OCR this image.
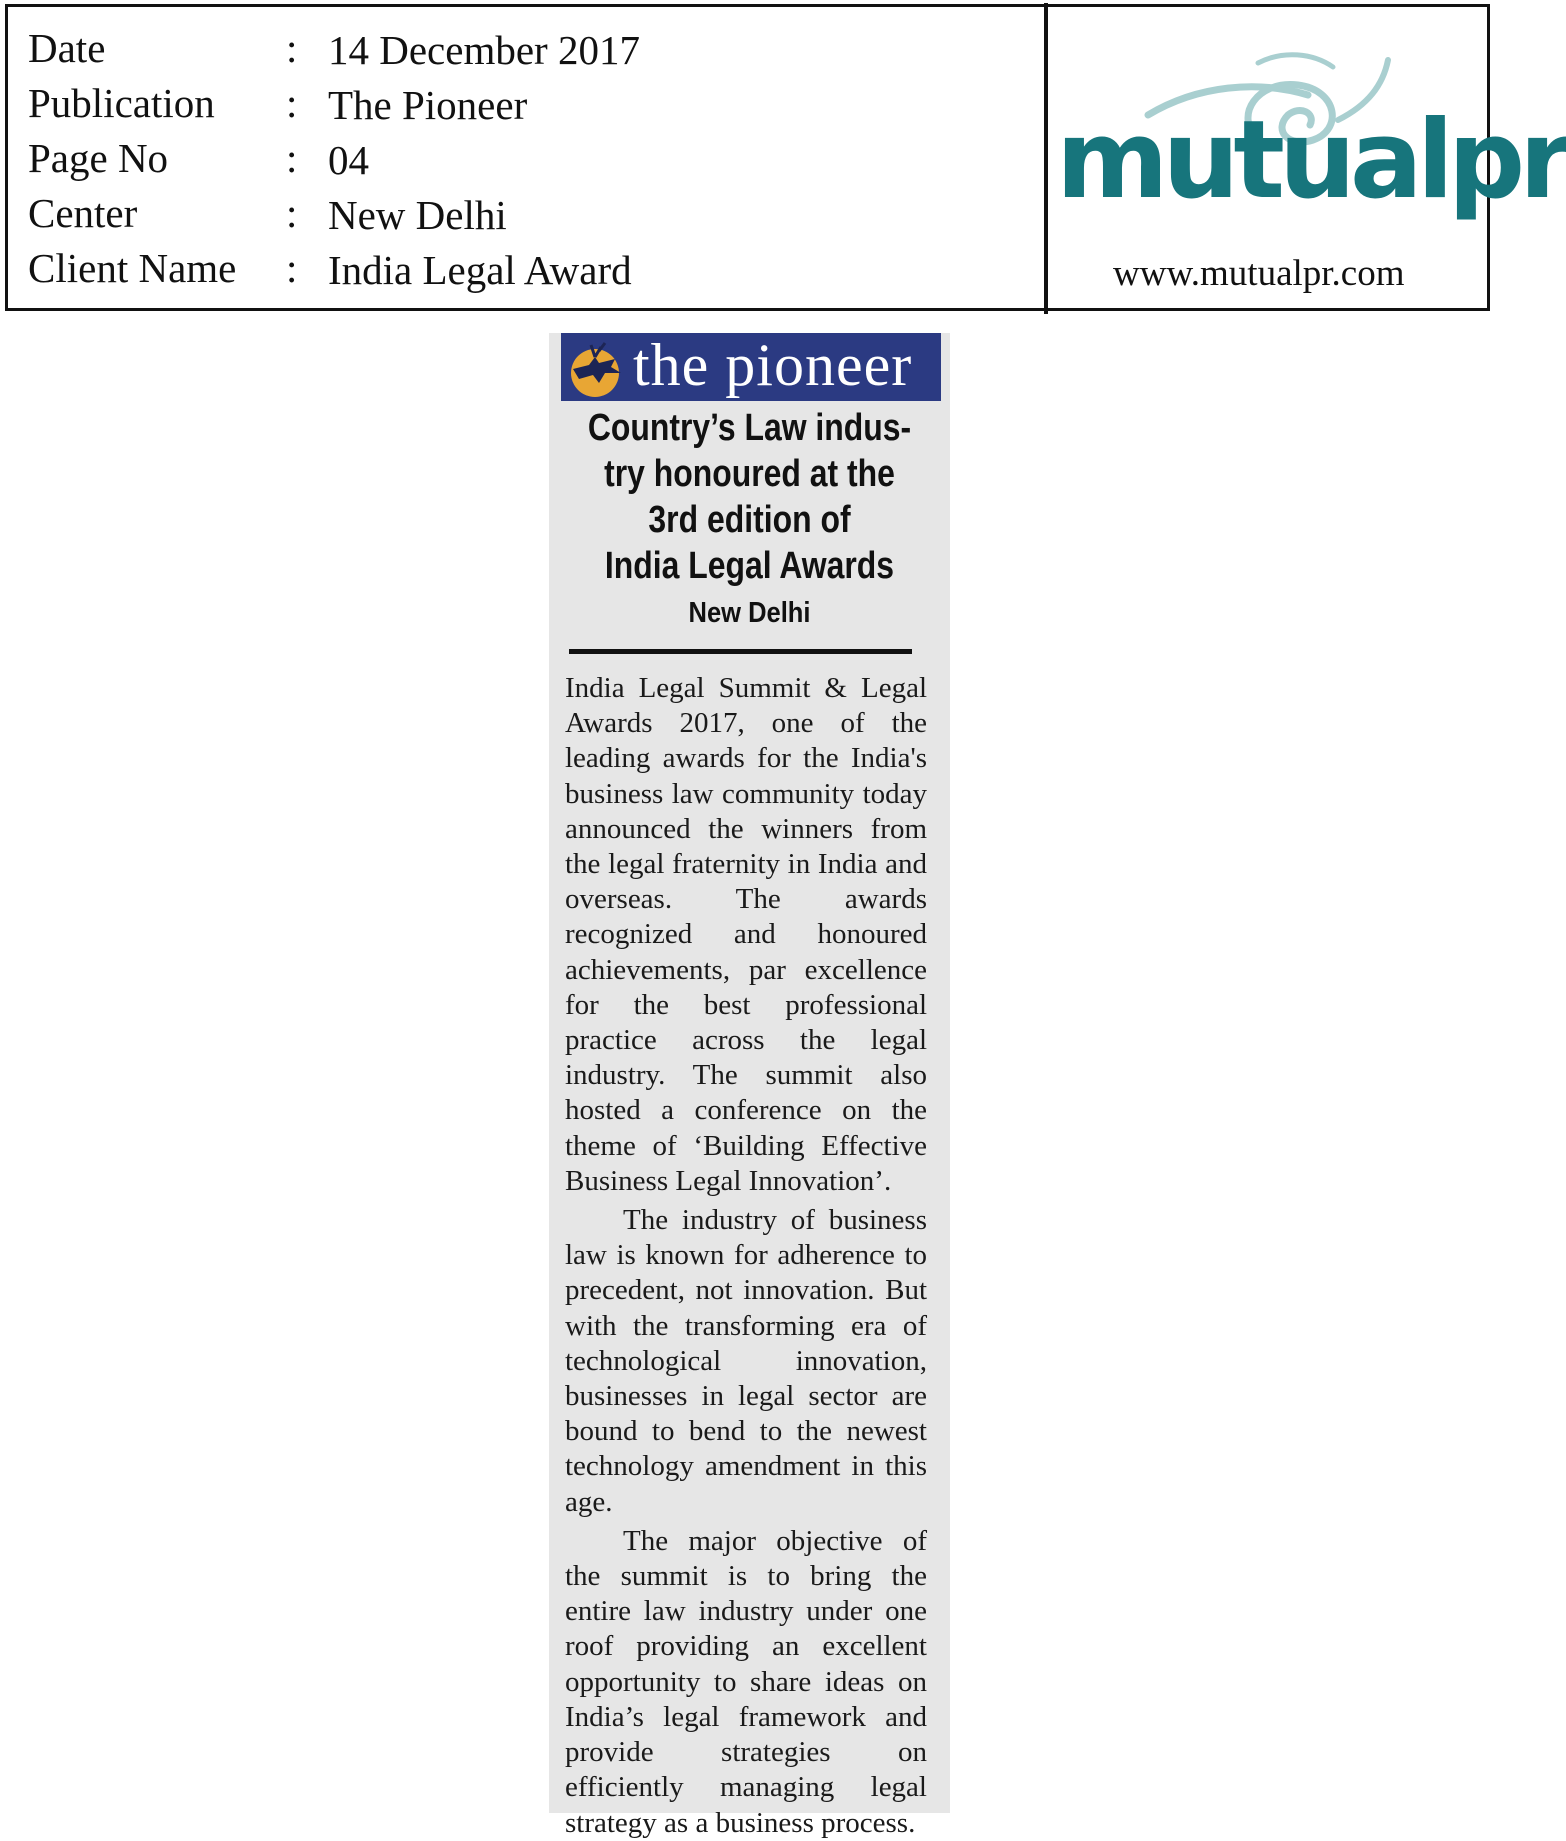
Date	: 14 December 2017
Publication : The Pioneer
Page No	: 04
Center	: New Delhi
Client Name : India Legal Award
mutualpr
www.mutualpr.com
the pioneer
Country’s Law indus-
try honoured at the
3rd edition of
India Legal Awards
New Delhi

India Legal Summit & Legal Awards 2017, one of the leading awards for the India's business law community today announced the winners from the legal fraternity in India and overseas. The awards recognized and honoured achievements, par excellence for the best professional practice across the legal industry. The summit also hosted a conference on the theme of ‘Building Effective Business Legal Innovation’.

The industry of business law is known for adherence to precedent, not innovation. But with the transforming era of technological innovation, businesses in legal sector are bound to bend to the newest technology amendment in this age.

The major objective of the summit is to bring the entire law industry under one roof providing an excellent opportunity to share ideas on India’s legal framework and provide strategies on efficiently managing legal strategy as a business process.
